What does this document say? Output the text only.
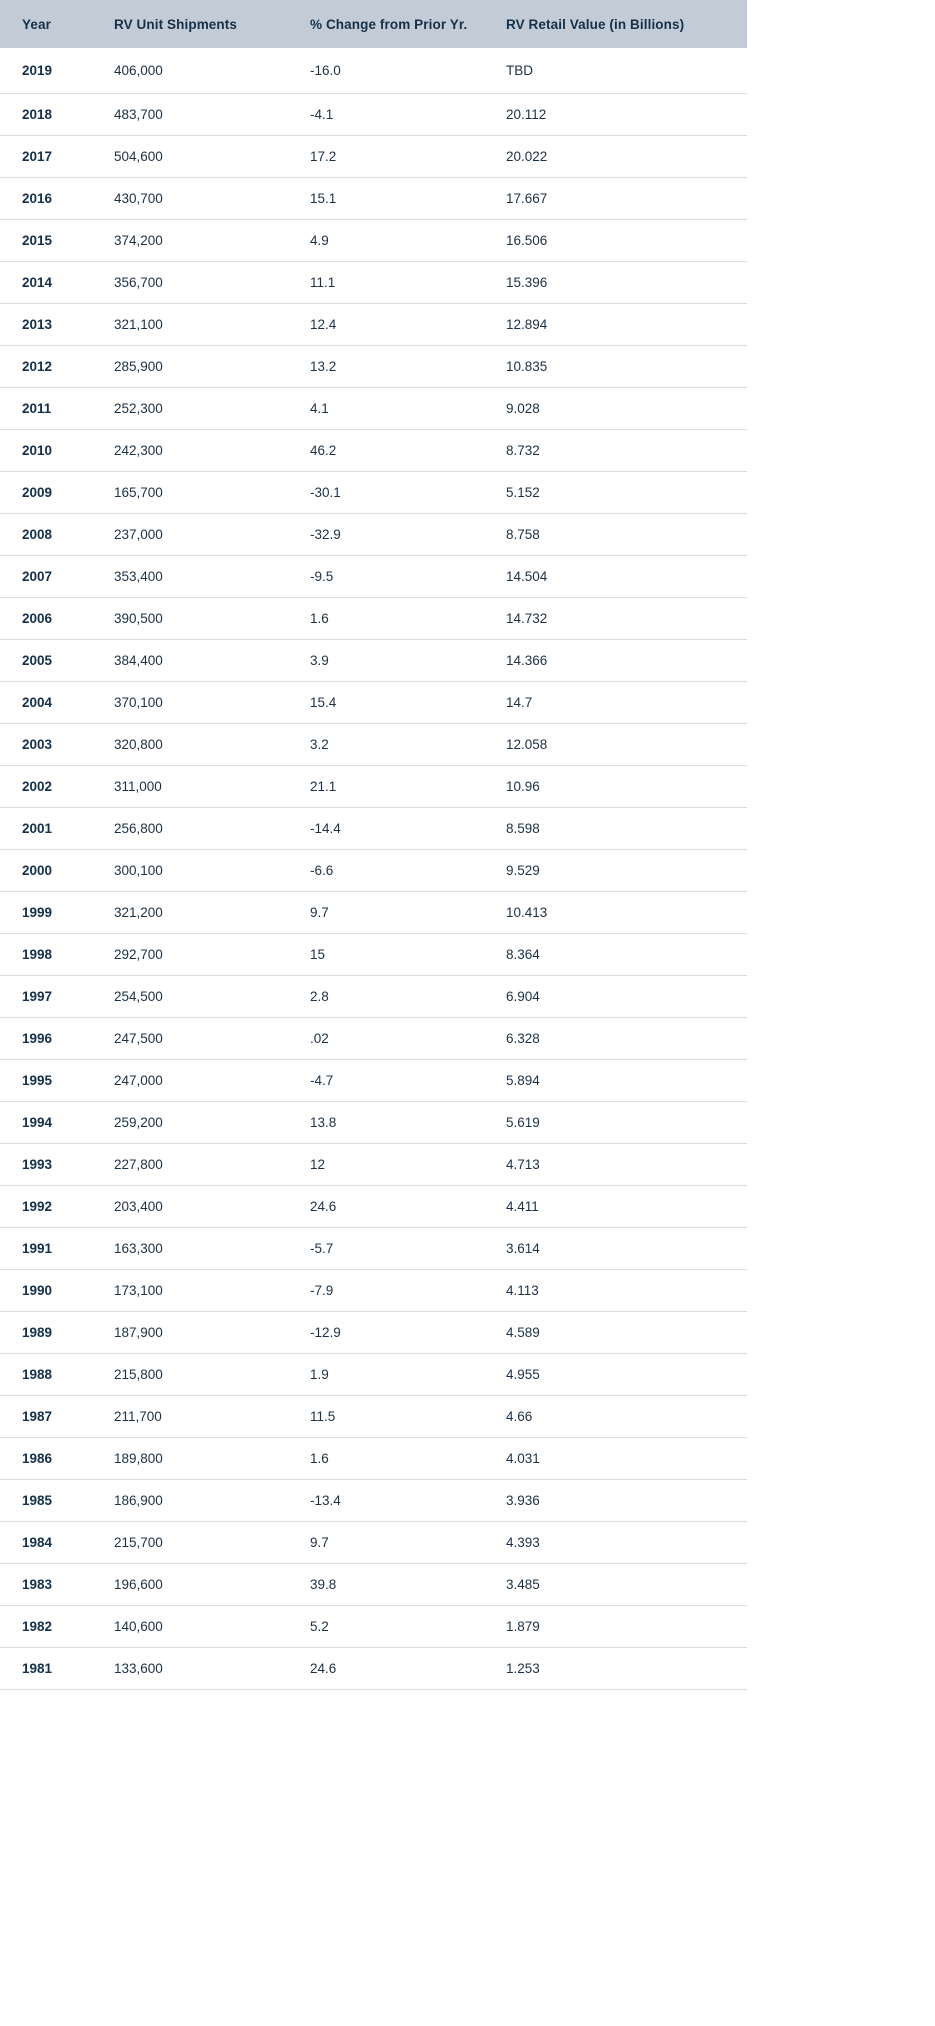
Year	RV Unit Shipments	% Change from Prior Yr.	RV Retail Value (in Billions)
2019	406,000	-16.0	TBD
2018	483,700	-4.1	20.112
2017	504,600	17.2	20.022
2016	430,700	15.1	17.667
2015	374,200	4.9	16.506
2014	356,700	11.1	15.396
2013	321,100	12.4	12.894
2012	285,900	13.2	10.835
2011	252,300	4.1	9.028
2010	242,300	46.2	8.732
2009	165,700	-30.1	5.152
2008	237,000	-32.9	8.758
2007	353,400	-9.5	14.504
2006	390,500	1.6	14.732
2005	384,400	3.9	14.366
2004	370,100	15.4	14.7
2003	320,800	3.2	12.058
2002	311,000	21.1	10.96
2001	256,800	-14.4	8.598
2000	300,100	-6.6	9.529
1999	321,200	9.7	10.413
1998	292,700	15	8.364
1997	254,500	2.8	6.904
1996	247,500	.02	6.328
1995	247,000	-4.7	5.894
1994	259,200	13.8	5.619
1993	227,800	12	4.713
1992	203,400	24.6	4.411
1991	163,300	-5.7	3.614
1990	173,100	-7.9	4.113
1989	187,900	-12.9	4.589
1988	215,800	1.9	4.955
1987	211,700	11.5	4.66
1986	189,800	1.6	4.031
1985	186,900	-13.4	3.936
1984	215,700	9.7	4.393
1983	196,600	39.8	3.485
1982	140,600	5.2	1.879
1981	133,600	24.6	1.253
